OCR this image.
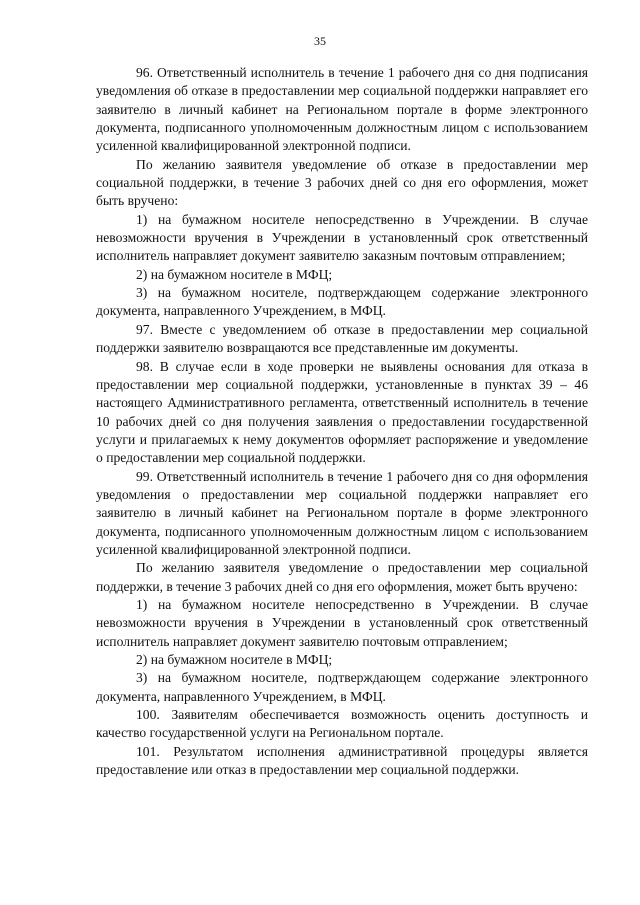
35

96. Ответственный исполнитель в течение 1 рабочего дня со дня подписания уведомления об отказе в предоставлении мер социальной поддержки направляет его заявителю в личный кабинет на Региональном портале в форме электронного документа, подписанного уполномоченным должностным лицом с использованием усиленной квалифицированной электронной подписи.

По желанию заявителя уведомление об отказе в предоставлении мер социальной поддержки, в течение 3 рабочих дней со дня его оформления, может быть вручено:

1) на бумажном носителе непосредственно в Учреждении. В случае невозможности вручения в Учреждении в установленный срок ответственный исполнитель направляет документ заявителю заказным почтовым отправлением;

2) на бумажном носителе в МФЦ;

3) на бумажном носителе, подтверждающем содержание электронного документа, направленного Учреждением, в МФЦ.

97. Вместе с уведомлением об отказе в предоставлении мер социальной поддержки заявителю возвращаются все представленные им документы.

98. В случае если в ходе проверки не выявлены основания для отказа в предоставлении мер социальной поддержки, установленные в пунктах 39 – 46 настоящего Административного регламента, ответственный исполнитель в течение 10 рабочих дней со дня получения заявления о предоставлении государственной услуги и прилагаемых к нему документов оформляет распоряжение и уведомление о предоставлении мер социальной поддержки.

99. Ответственный исполнитель в течение 1 рабочего дня со дня оформления уведомления о предоставлении мер социальной поддержки направляет его заявителю в личный кабинет на Региональном портале в форме электронного документа, подписанного уполномоченным должностным лицом с использованием усиленной квалифицированной электронной подписи.

По желанию заявителя уведомление о предоставлении мер социальной поддержки, в течение 3 рабочих дней со дня его оформления, может быть вручено:

1) на бумажном носителе непосредственно в Учреждении. В случае невозможности вручения в Учреждении в установленный срок ответственный исполнитель направляет документ заявителю почтовым отправлением;

2) на бумажном носителе в МФЦ;

3) на бумажном носителе, подтверждающем содержание электронного документа, направленного Учреждением, в МФЦ.

100. Заявителям обеспечивается возможность оценить доступность и качество государственной услуги на Региональном портале.

101. Результатом исполнения административной процедуры является предоставление или отказ в предоставлении мер социальной поддержки.
